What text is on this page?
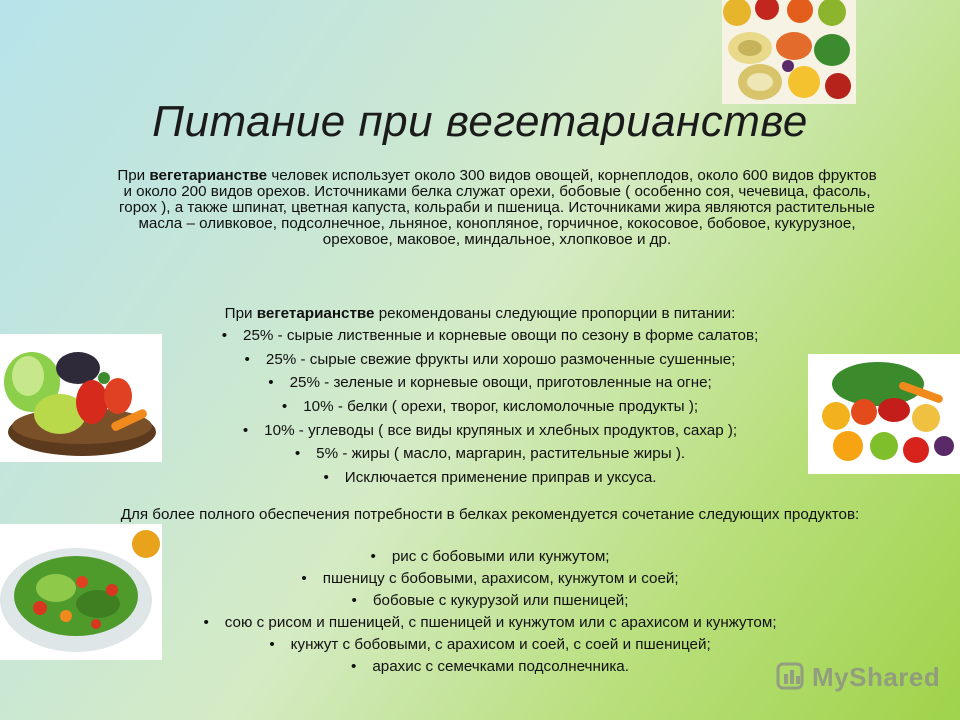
Питание при вегетарианстве
При вегетарианстве человек использует около 300 видов овощей, корнеплодов, около 600 видов фруктов и около 200 видов орехов. Источниками белка служат орехи, бобовые ( особенно соя, чечевица, фасоль, горох ), а также шпинат, цветная капуста, кольраби и пшеница. Источниками жира являются растительные масла – оливковое, подсолнечное, льняное, конопляное, горчичное, кокосовое, бобовое, кукурузное, ореховое, маковое, миндальное, хлопковое и др.
При вегетарианстве рекомендованы следующие пропорции в питании:
• 25% - сырые лиственные и корневые овощи по сезону в форме салатов;
• 25% - сырые свежие фрукты или хорошо размоченные сушенные;
• 25% - зеленые и корневые овощи, приготовленные на огне;
• 10% - белки ( орехи, творог, кисломолочные продукты );
• 10% - углеводы ( все виды крупяных и хлебных продуктов, сахар );
• 5% - жиры ( масло, маргарин, растительные жиры ).
• Исключается применение приправ и уксуса.
Для более полного обеспечения потребности в белках рекомендуется сочетание следующих продуктов:
• рис с бобовыми или кунжутом;
• пшеницу с бобовыми, арахисом, кунжутом и соей;
• бобовые с кукурузой или пшеницей;
• сою с рисом и пшеницей, с пшеницей и кунжутом или с арахисом и кунжутом;
• кунжут с бобовыми, с арахисом и соей, с соей и пшеницей;
• арахис с семечками подсолнечника.	MyShared
